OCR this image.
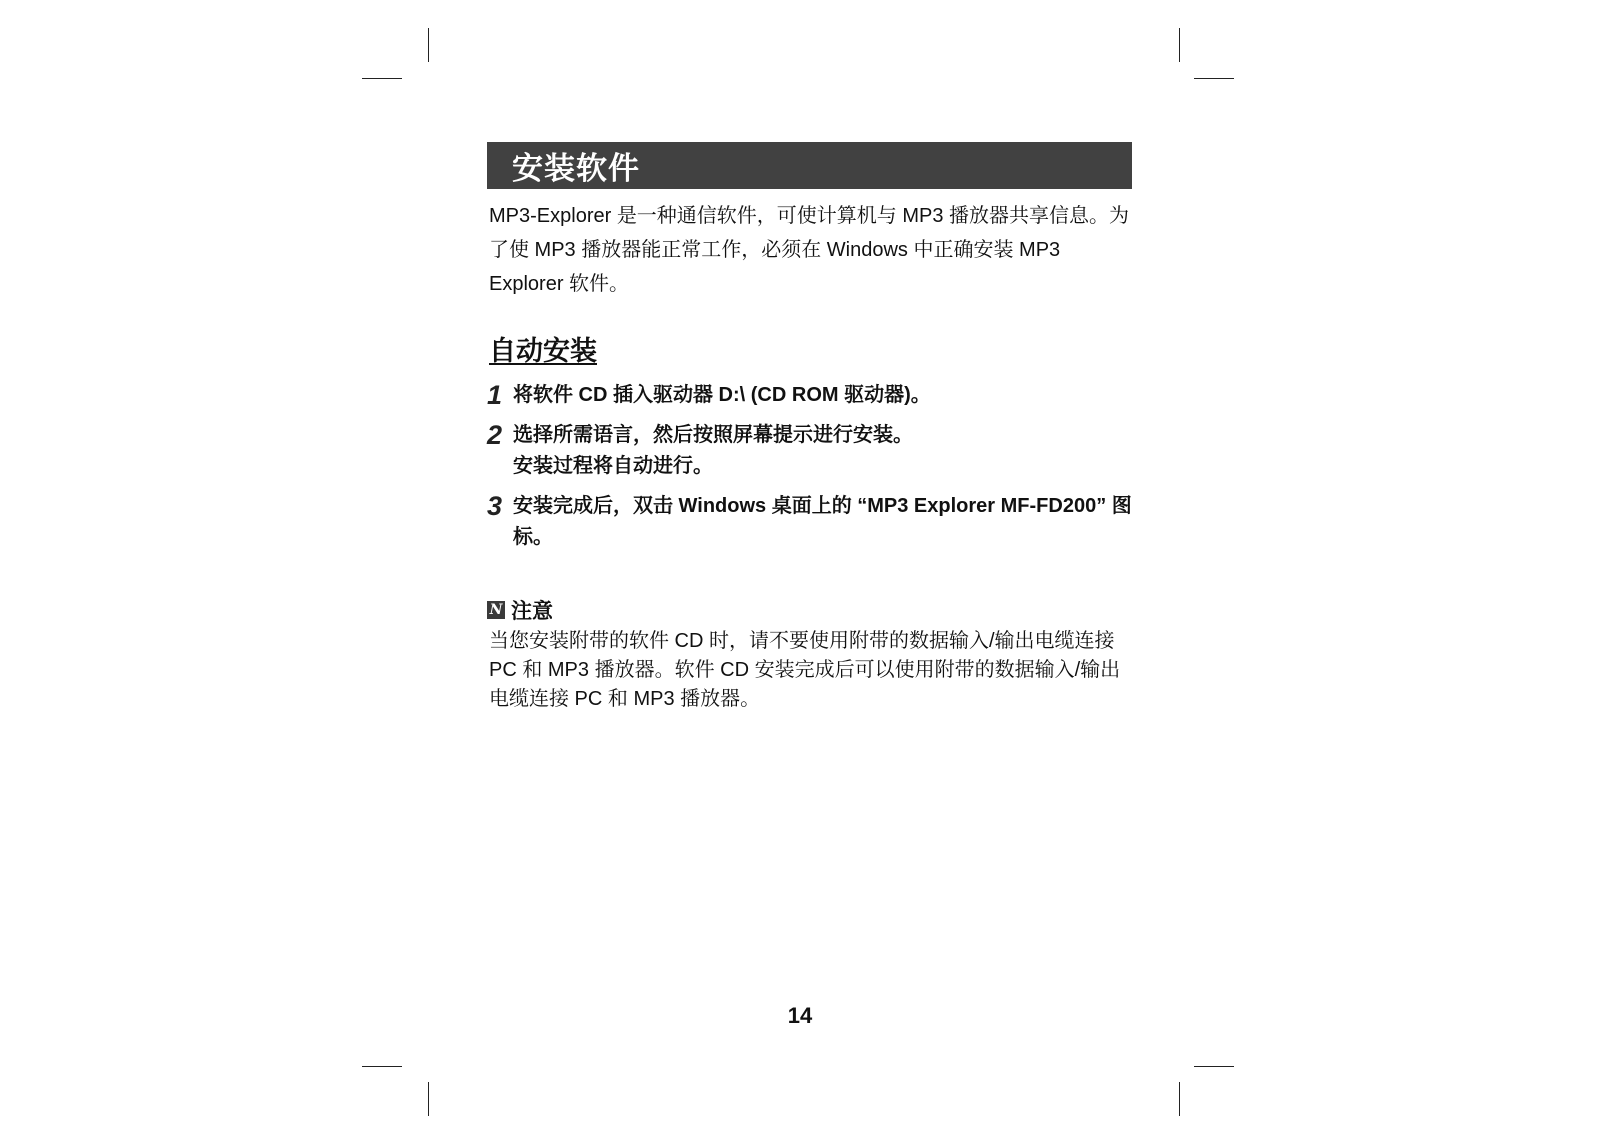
安装软件

MP3-Explorer 是一种通信软件，可使计算机与 MP3 播放器共享信息。为了使 MP3 播放器能正常工作，必须在 Windows 中正确安装 MP3 Explorer 软件。

自动安装
1 将软件 CD 插入驱动器 D:\ (CD ROM 驱动器)。
2 选择所需语言，然后按照屏幕提示进行安装。
安装过程将自动进行。
3 安装完成后，双击 Windows 桌面上的 “MP3 Explorer MF-FD200” 图标。
N 注意
当您安装附带的软件 CD 时，请不要使用附带的数据输入/输出电缆连接 PC 和 MP3 播放器。软件 CD 安装完成后可以使用附带的数据输入/输出电缆连接 PC 和 MP3 播放器。
14
